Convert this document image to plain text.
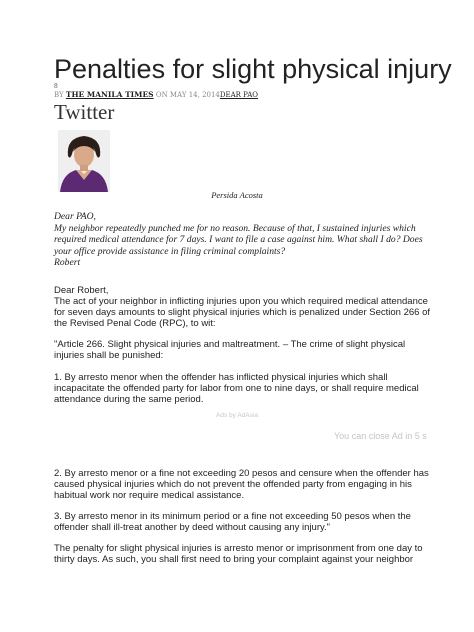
Penalties for slight physical injury
8
BY THE MANILA TIMES ON MAY 14, 2014DEAR PAO
Twitter
Persida Acosta

Dear PAO,

My neighbor repeatedly punched me for no reason. Because of that, I sustained injuries which required medical attendance for 7 days. I want to file a case against him. What shall I do? Does your office provide assistance in filing criminal complaints?

Robert

Dear Robert,

The act of your neighbor in inflicting injuries upon you which required medical attendance for seven days amounts to slight physical injuries which is penalized under Section 266 of the Revised Penal Code (RPC), to wit:

"Article 266. Slight physical injuries and maltreatment. – The crime of slight physical injuries shall be punished:

1. By arresto menor when the offender has inflicted physical injuries which shall incapacitate the offended party for labor from one to nine days, or shall require medical attendance during the same period.

Ads by AdAsia
You can close Ad in 5 s

2. By arresto menor or a fine not exceeding 20 pesos and censure when the offender has caused physical injuries which do not prevent the offended party from engaging in his habitual work nor require medical assistance.

3. By arresto menor in its minimum period or a fine not exceeding 50 pesos when the offender shall ill-treat another by deed without causing any injury."

The penalty for slight physical injuries is arresto menor or imprisonment from one day to thirty days. As such, you shall first need to bring your complaint against your neighbor
